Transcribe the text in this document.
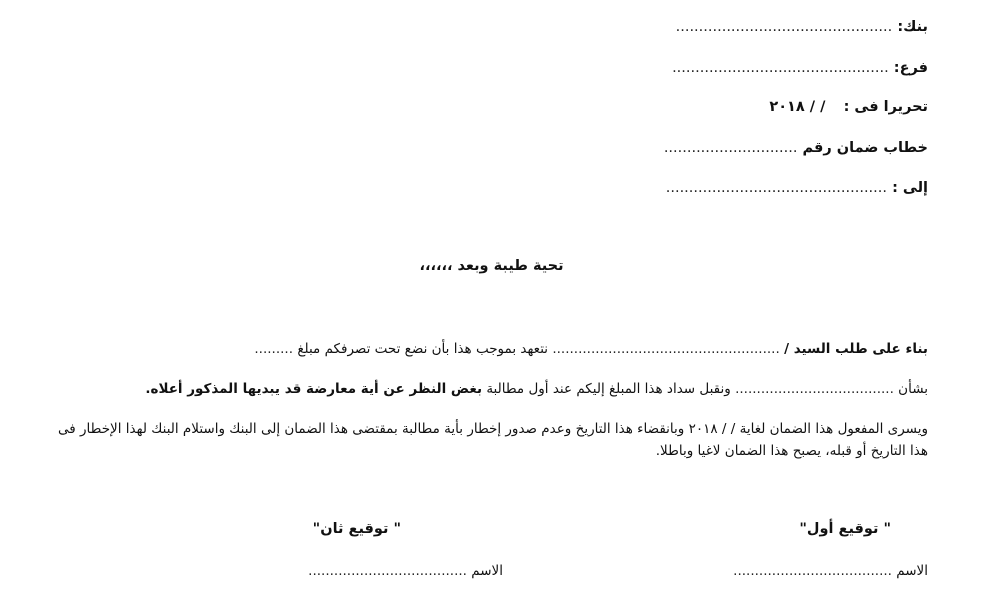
بنك: ...............................................
فرع: ...............................................
تحريرا فى :  / / ٢٠١٨
خطاب ضمان رقم .............................
إلى : ................................................
تحية طيبة وبعد ،،،،،،
بناء على طلب السيد / ..................................................... نتعهد بموجب هذا بأن نضع تحت تصرفكم مبلغ .........
بشأن ..................................... ونقبل سداد هذا المبلغ إليكم عند أول مطالبة بغض النظر عن أية معارضة قد يبديها المذكور أعلاه.
ويسرى المفعول هذا الضمان لغاية / / ٢٠١٨ وبانقضاء هذا التاريخ وعدم صدور إخطار بأية مطالبة بمقتضى هذا الضمان إلى البنك واستلام البنك لهذا الإخطار فى هذا التاريخ أو قبله، يصبح هذا الضمان لاغيا وباطلا.
" توقيع أول"
" توقيع ثان"
الاسم .....................................
الاسم .....................................
